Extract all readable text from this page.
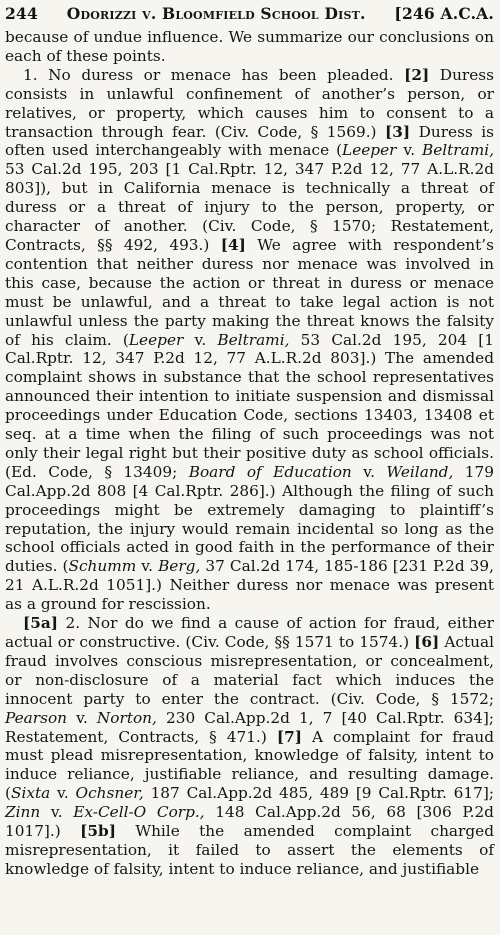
244 Odorizzi v. Bloomfield School Dist. [246 A.C.A.

because of undue influence. We summarize our conclusions on each of these points.

1. No duress or menace has been pleaded. [2] Duress consists in unlawful confinement of another’s person, or relatives, or property, which causes him to consent to a transaction through fear. (Civ. Code, § 1569.) [3] Duress is often used interchangeably with menace (Leeper v. Beltrami, 53 Cal.2d 195, 203 [1 Cal.Rptr. 12, 347 P.2d 12, 77 A.L.R.2d 803]), but in California menace is technically a threat of duress or a threat of injury to the person, property, or character of another. (Civ. Code, § 1570; Restatement, Contracts, §§ 492, 493.) [4] We agree with respondent’s contention that neither duress nor menace was involved in this case, because the action or threat in duress or menace must be unlawful, and a threat to take legal action is not unlawful unless the party making the threat knows the falsity of his claim. (Leeper v. Beltrami, 53 Cal.2d 195, 204 [1 Cal.Rptr. 12, 347 P.2d 12, 77 A.L.R.2d 803].) The amended complaint shows in substance that the school representatives announced their intention to initiate suspension and dismissal proceedings under Education Code, sections 13403, 13408 et seq. at a time when the filing of such proceedings was not only their legal right but their positive duty as school officials. (Ed. Code, § 13409; Board of Education v. Weiland, 179 Cal.App.2d 808 [4 Cal.Rptr. 286].) Although the filing of such proceedings might be extremely damaging to plaintiff’s reputation, the injury would remain incidental so long as the school officials acted in good faith in the performance of their duties. (Schumm v. Berg, 37 Cal.2d 174, 185-186 [231 P.2d 39, 21 A.L.R.2d 1051].) Neither duress nor menace was present as a ground for rescission.

[5a] 2. Nor do we find a cause of action for fraud, either actual or constructive. (Civ. Code, §§ 1571 to 1574.) [6] Actual fraud involves conscious misrepresentation, or concealment, or non-disclosure of a material fact which induces the innocent party to enter the contract. (Civ. Code, § 1572; Pearson v. Norton, 230 Cal.App.2d 1, 7 [40 Cal.Rptr. 634]; Restatement, Contracts, § 471.) [7] A complaint for fraud must plead misrepresentation, knowledge of falsity, intent to induce reliance, justifiable reliance, and resulting damage. (Sixta v. Ochsner, 187 Cal.App.2d 485, 489 [9 Cal.Rptr. 617]; Zinn v. Ex-Cell-O Corp., 148 Cal.App.2d 56, 68 [306 P.2d 1017].) [5b] While the amended complaint charged misrepresentation, it failed to assert the elements of knowledge of falsity, intent to induce reliance, and justifiable
